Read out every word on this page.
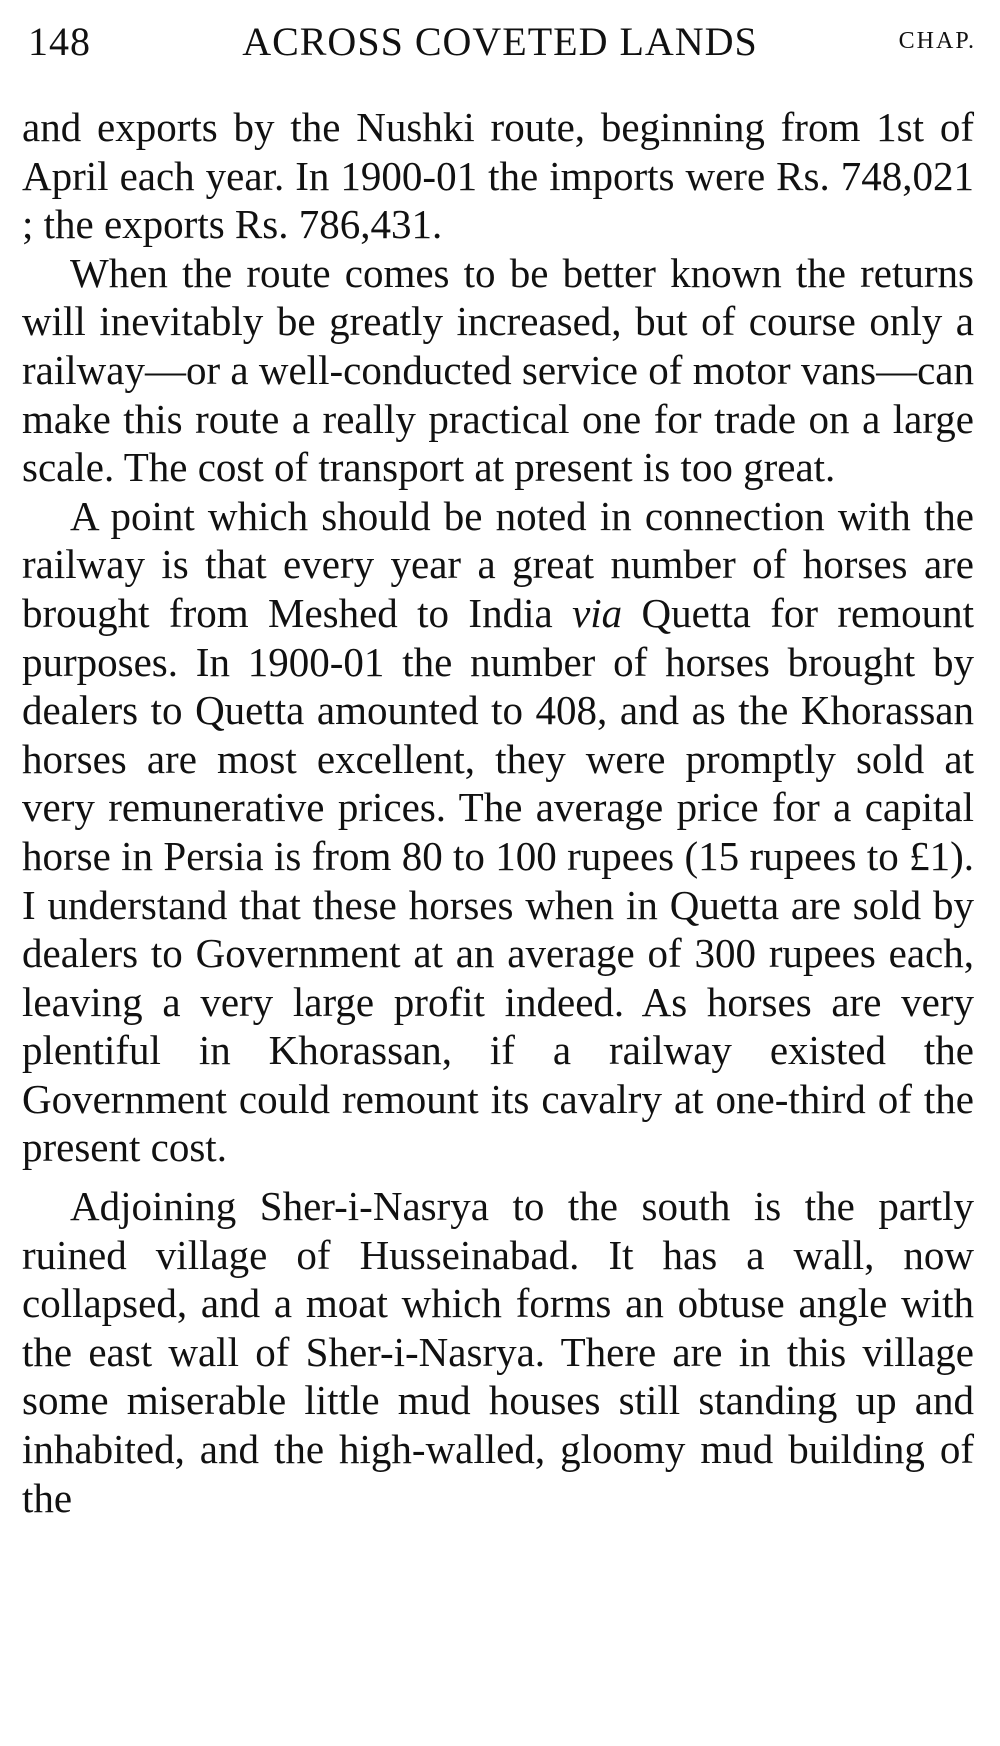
148	ACROSS COVETED LANDS	CHAP.

and exports by the Nushki route, beginning from 1st of April each year. In 1900-01 the imports were Rs. 748,021 ; the exports Rs. 786,431.

When the route comes to be better known the returns will inevitably be greatly increased, but of course only a railway—or a well-conducted service of motor vans—can make this route a really practical one for trade on a large scale. The cost of transport at present is too great.

A point which should be noted in connection with the railway is that every year a great number of horses are brought from Meshed to India via Quetta for remount purposes. In 1900-01 the number of horses brought by dealers to Quetta amounted to 408, and as the Khorassan horses are most excellent, they were promptly sold at very remunerative prices. The average price for a capital horse in Persia is from 80 to 100 rupees (15 rupees to £1). I understand that these horses when in Quetta are sold by dealers to Government at an average of 300 rupees each, leaving a very large profit indeed. As horses are very plentiful in Khorassan, if a railway existed the Government could remount its cavalry at one-third of the present cost.

Adjoining Sher-i-Nasrya to the south is the partly ruined village of Husseinabad. It has a wall, now collapsed, and a moat which forms an obtuse angle with the east wall of Sher-i-Nasrya. There are in this village some miserable little mud houses still standing up and inhabited, and the high-walled, gloomy mud building of the
